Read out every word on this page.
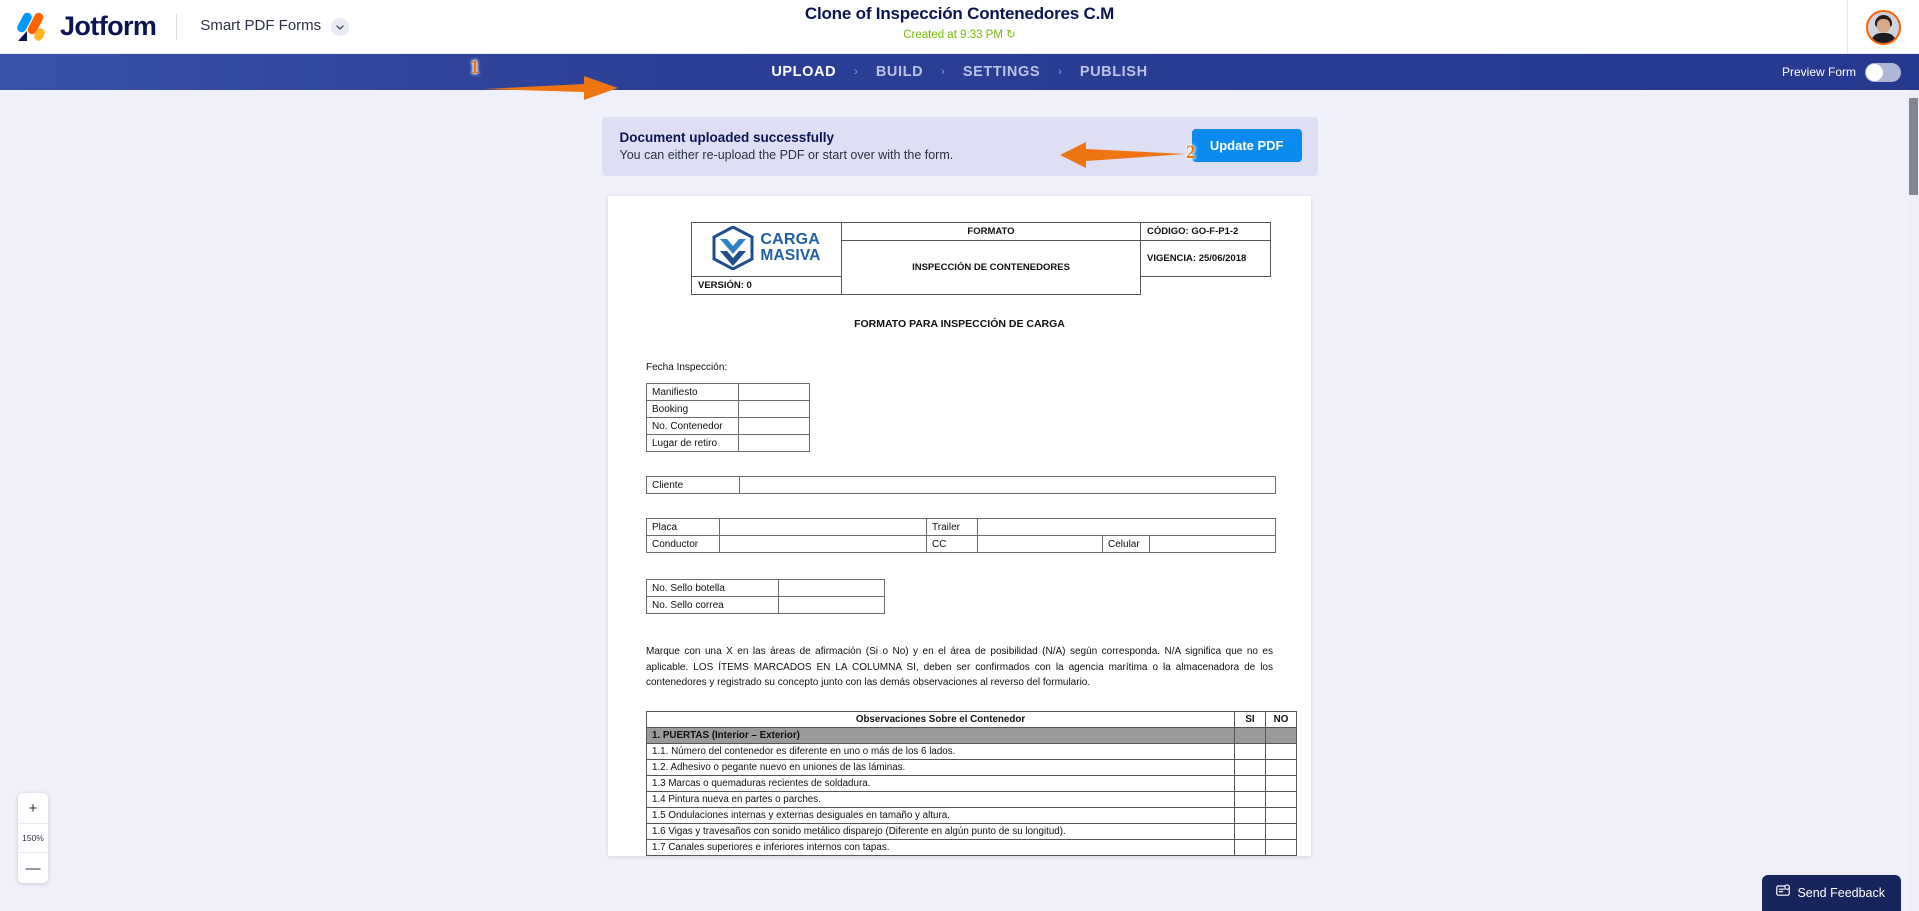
Jotform	Smart PDF Forms
Clone of Inspección Contenedores C.M
Created at 9:33 PM ↻
UPLOAD	›	BUILD	›	SETTINGS	›	PUBLISH	Preview Form
Document uploaded successfully
You can either re-upload the PDF or start over with the form.
Update PDF
CARGA
MASIVA	FORMATO	CÓDIGO: GO-F-P1-2
	INSPECCIÓN DE CONTENEDORES	VIGENCIA: 25/06/2018
VERSIÓN: 0		
FORMATO PARA INSPECCIÓN DE CARGA
Fecha Inspección:
Manifiesto	
Booking	
No. Contenedor	
Lugar de retiro	
Cliente	
Placa		Trailer			
Conductor		CC		Celular	
No. Sello botella	
No. Sello correa	
Marque con una X en las áreas de afirmación (Si o No) y en el área de posibilidad (N/A) según corresponda. N/A significa que no es aplicable. LOS ÍTEMS MARCADOS EN LA COLUMNA SI, deben ser confirmados con la agencia marítima o la almacenadora de los contenedores y registrado su concepto junto con las demás observaciones al reverso del formulario.
Observaciones Sobre el Contenedor	SI	NO
1. PUERTAS (Interior – Exterior)		
1.1. Número del contenedor es diferente en uno o más de los 6 lados.		
1.2. Adhesivo o pegante nuevo en uniones de las láminas.		
1.3 Marcas o quemaduras recientes de soldadura.		
1.4 Pintura nueva en partes o parches.		
1.5 Ondulaciones internas y externas desiguales en tamaño y altura.		
1.6 Vigas y travesaños con sonido metálico disparejo (Diferente en algún punto de su longitud).		
1.7 Canales superiores e inferiores internos con tapas.		
+
150%
—
Send Feedback
1
2
